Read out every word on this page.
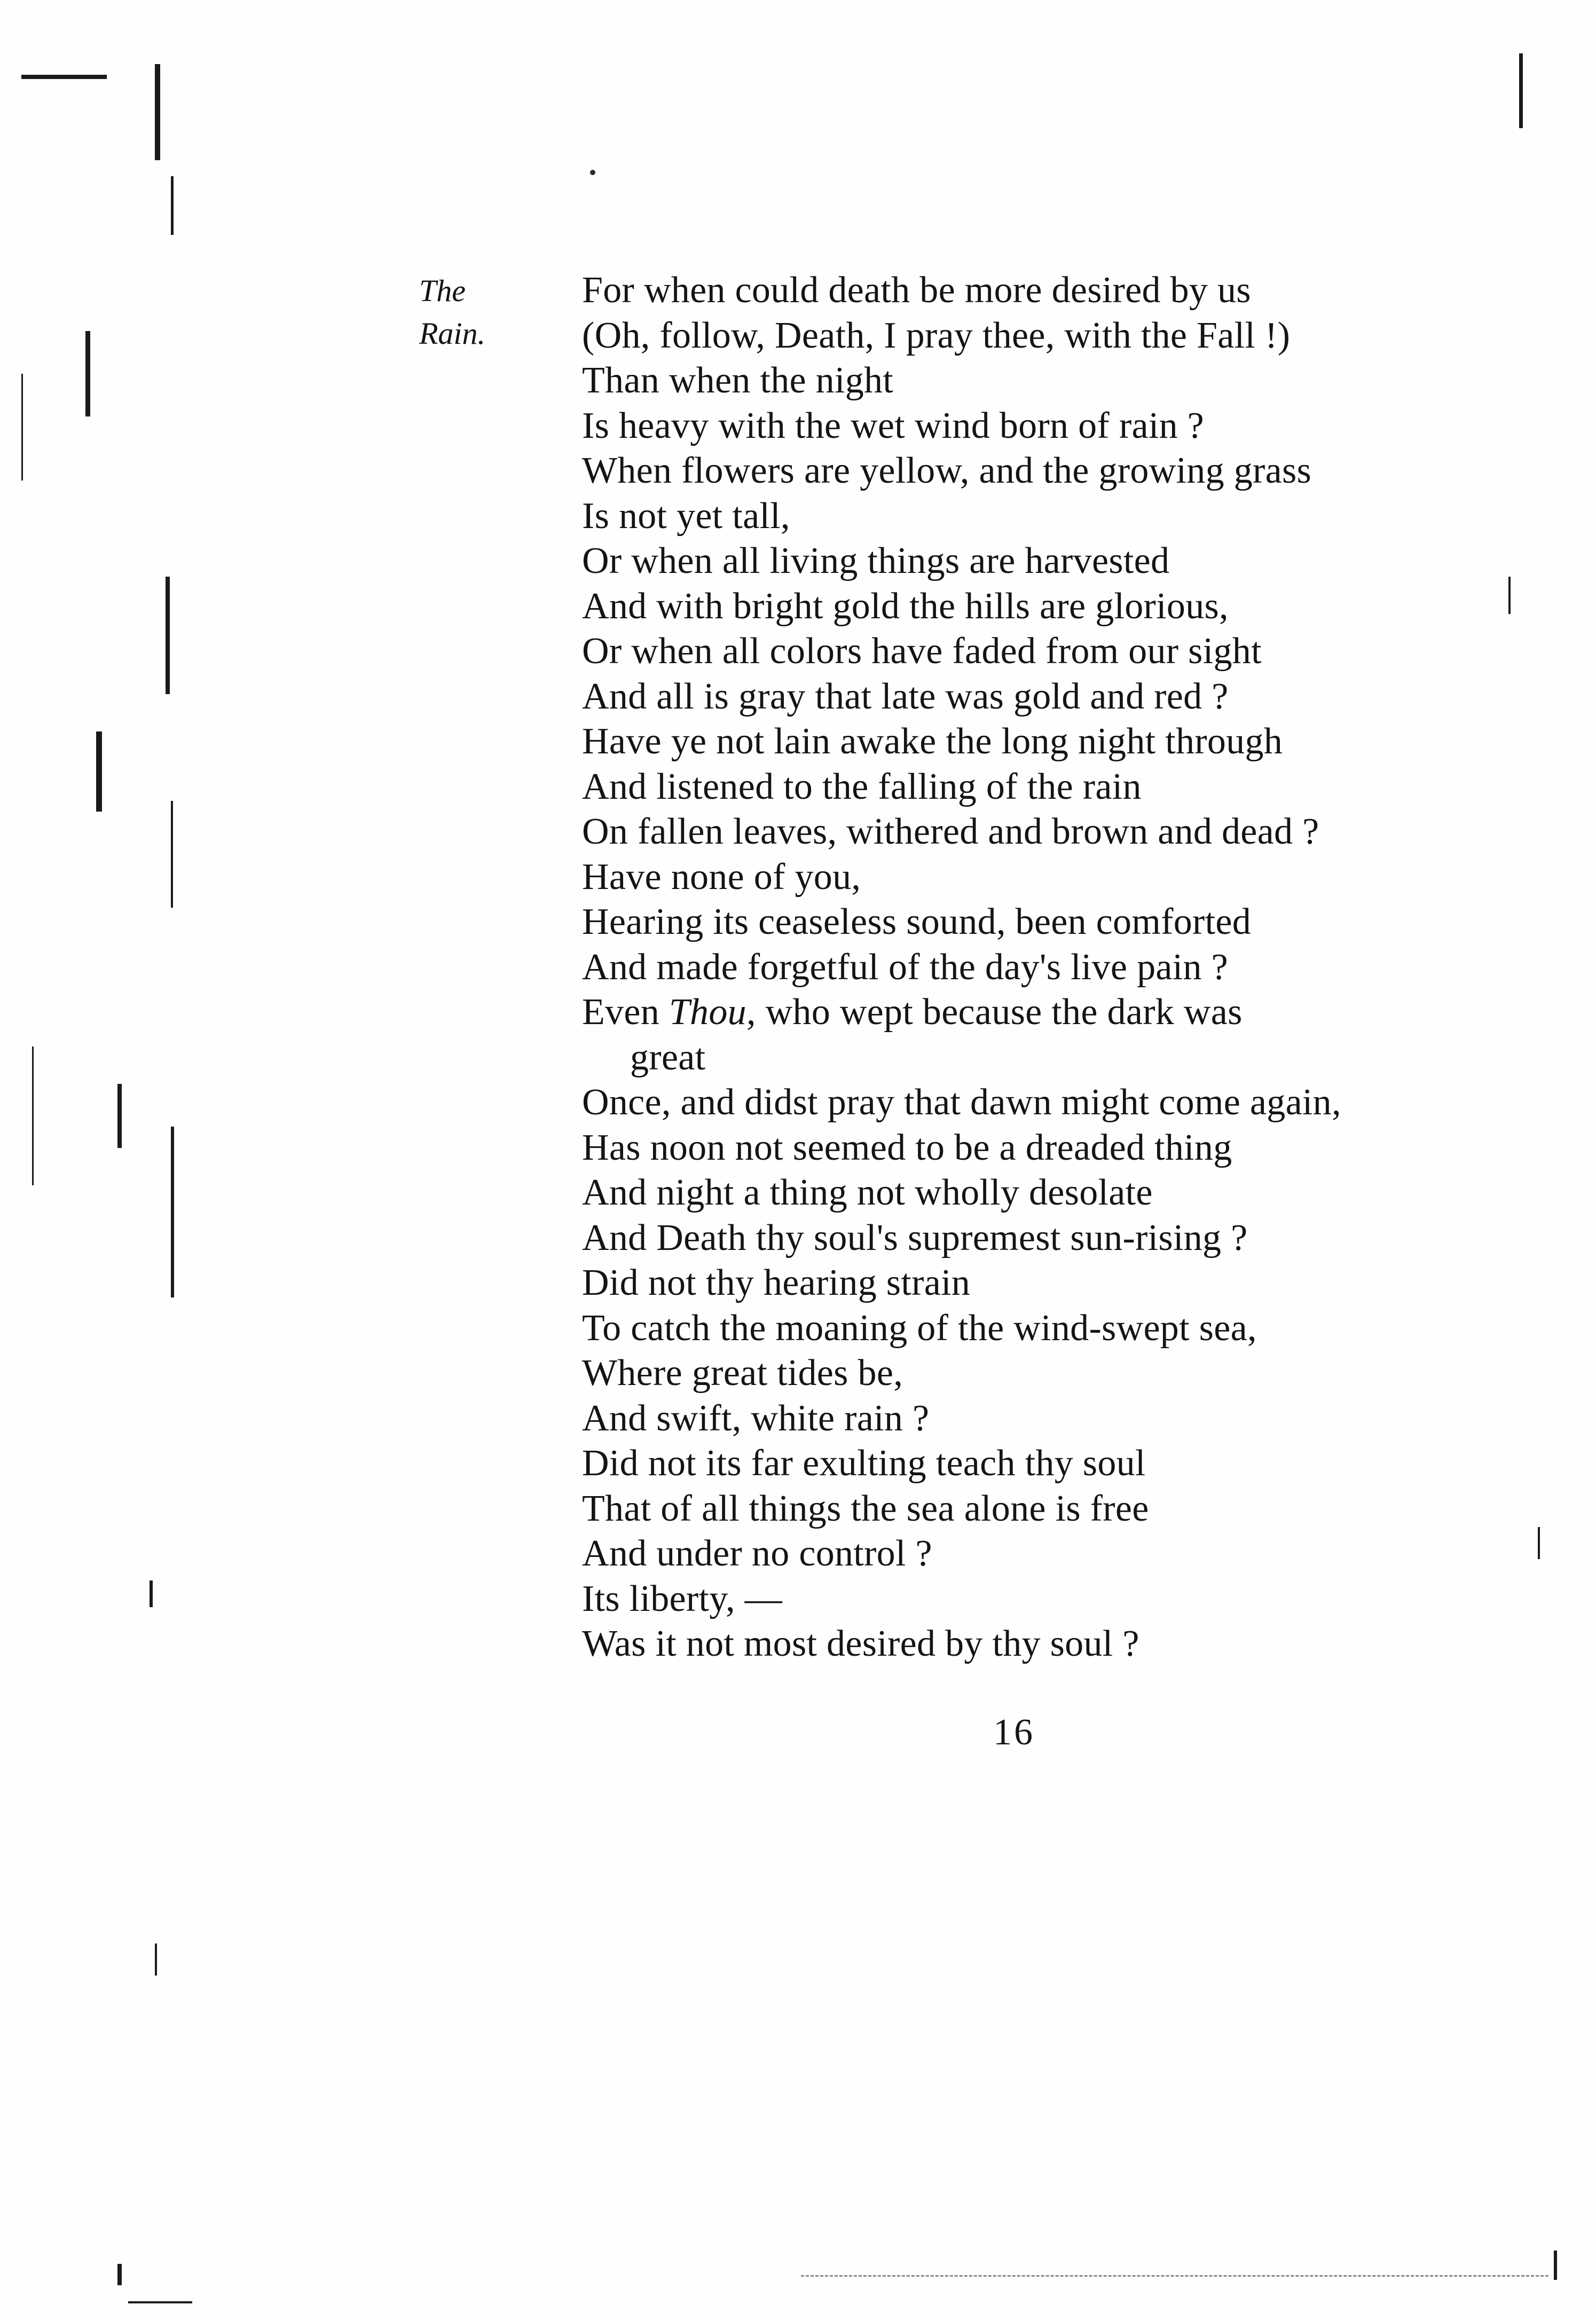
The
Rain.
For when could death be more desired by us
(Oh, follow, Death, I pray thee, with the Fall !)
Than when the night
Is heavy with the wet wind born of rain ?
When flowers are yellow, and the growing grass
Is not yet tall,
Or when all living things are harvested
And with bright gold the hills are glorious,
Or when all colors have faded from our sight
And all is gray that late was gold and red ?
Have ye not lain awake the long night through
And listened to the falling of the rain
On fallen leaves, withered and brown and dead ?
Have none of you,
Hearing its ceaseless sound, been comforted
And made forgetful of the day's live pain ?
Even Thou, who wept because the dark was
great
Once, and didst pray that dawn might come again,
Has noon not seemed to be a dreaded thing
And night a thing not wholly desolate
And Death thy soul's supremest sun-rising ?
Did not thy hearing strain
To catch the moaning of the wind-swept sea,
Where great tides be,
And swift, white rain ?
Did not its far exulting teach thy soul
That of all things the sea alone is free
And under no control ?
Its liberty, —
Was it not most desired by thy soul ?
16
